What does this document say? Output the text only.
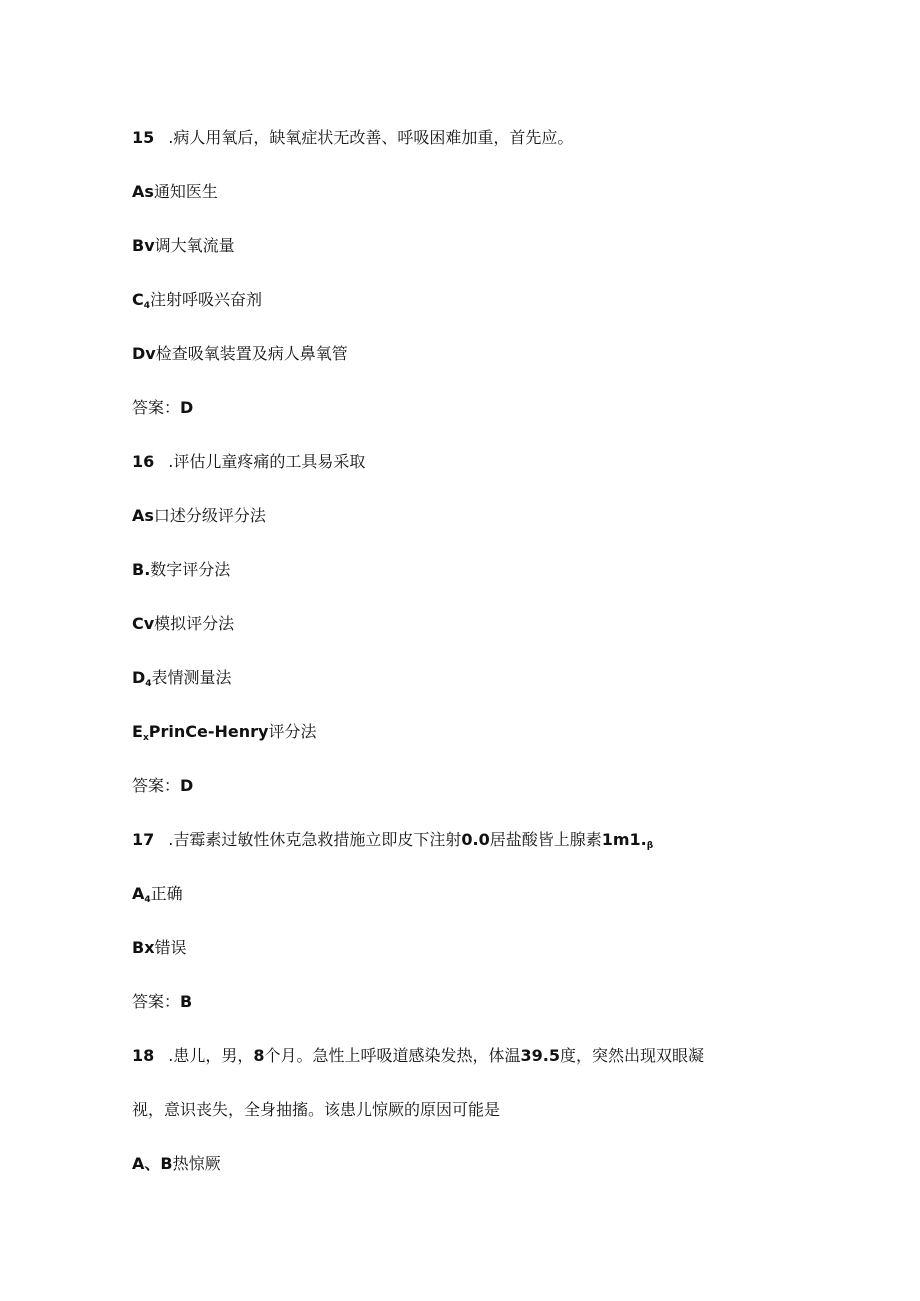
15 .病人用氧后，缺氧症状无改善、呼吸困难加重，首先应。

As通知医生

Bv调大氧流量

$C_4$注射呼吸兴奋剂

Dv检查吸氧装置及病人鼻氧管

答案：D

16 .评估儿童疼痛的工具易采取

As口述分级评分法

B.数字评分法

Cv模拟评分法

$D_4$表情测量法

$E_xPrinCe$-Henry评分法

答案：D

17 .吉霉素过敏性休克急救措施立即皮下注射0.0居盐酸皆上腺素$1m1._\beta$

$A_4$正确

Bx错误

答案：B

18 .患儿，男，8个月。急性上呼吸道感染发热，体温39.5度，突然出现双眼凝

视，意识丧失，全身抽搐。该患儿惊厥的原因可能是

A、B热惊厥
